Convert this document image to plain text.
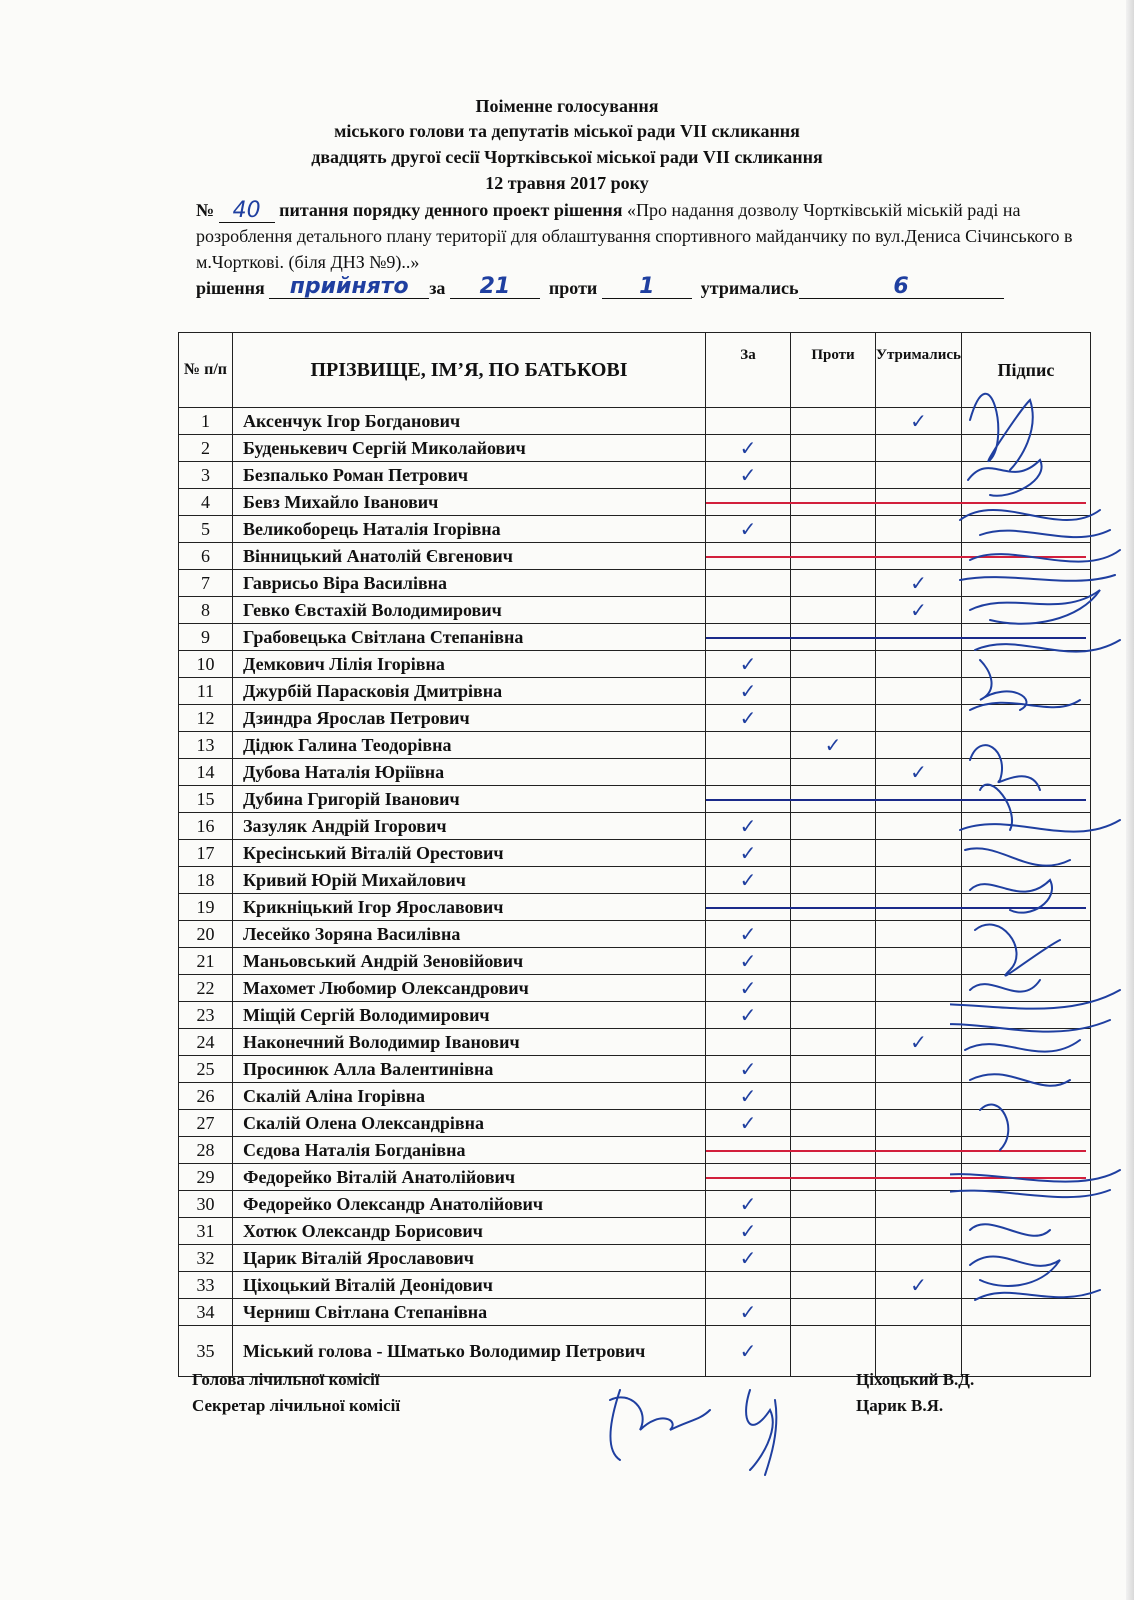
Поіменне голосування
міського голови та депутатів міської ради VII скликання
двадцять другої сесії Чортківської міської ради VII скликання
12 травня 2017 року
№ 40 питання порядку денного проект рішення «Про надання дозволу Чортківській міській раді на розроблення детального плану території для облаштування спортивного майданчику по вул.Дениса Січинського в м.Чорткові. (біля ДНЗ №9)..»
рішення прийнято за 21 проти 1	утримались	6
№ п/п	ПРІЗВИЩЕ, ІМ’Я, ПО БАТЬКОВІ	За	Проти	Утримались	Підпис
1	Аксенчук Ігор Богданович			✓	
2	Буденькевич Сергій Миколайович	✓			
3	Безпалько Роман Петрович	✓			
4	Бевз Михайло Іванович				
5	Великоборець Наталія Ігорівна	✓			
6	Вінницький Анатолій Євгенович				
7	Гаврисьо Віра Василівна			✓	
8	Гевко Євстахій Володимирович			✓	
9	Грабовецька Світлана Степанівна				
10	Демкович Лілія Ігорівна	✓			
11	Джурбій Парасковія Дмитрівна	✓			
12	Дзиндра Ярослав Петрович	✓			
13	Дідюк Галина Теодорівна		✓		
14	Дубова Наталія Юріївна			✓	
15	Дубина Григорій Іванович				
16	Зазуляк Андрій Ігорович	✓			
17	Кресінський Віталій Орестович	✓			
18	Кривий Юрій Михайлович	✓			
19	Крикніцький Ігор Ярославович				
20	Лесейко Зоряна Василівна	✓			
21	Маньовський Андрій Зеновійович	✓			
22	Махомет Любомир Олександрович	✓			
23	Міщій Сергій Володимирович	✓			
24	Наконечний Володимир Іванович			✓	
25	Просинюк Алла Валентинівна	✓			
26	Скалій Аліна Ігорівна	✓			
27	Скалій Олена Олександрівна	✓			
28	Сєдова Наталія Богданівна				
29	Федорейко Віталій Анатолійович				
30	Федорейко Олександр Анатолійович	✓			
31	Хотюк Олександр Борисович	✓			
32	Царик Віталій Ярославович	✓			
33	Ціхоцький Віталій Деонідович			✓	
34	Черниш Світлана Степанівна	✓			
35	Міський голова - Шматько Володимир Петрович	✓			
Голова лічильної комісії	Ціхоцький В.Д.
Секретар лічильної комісії	Царик В.Я.
